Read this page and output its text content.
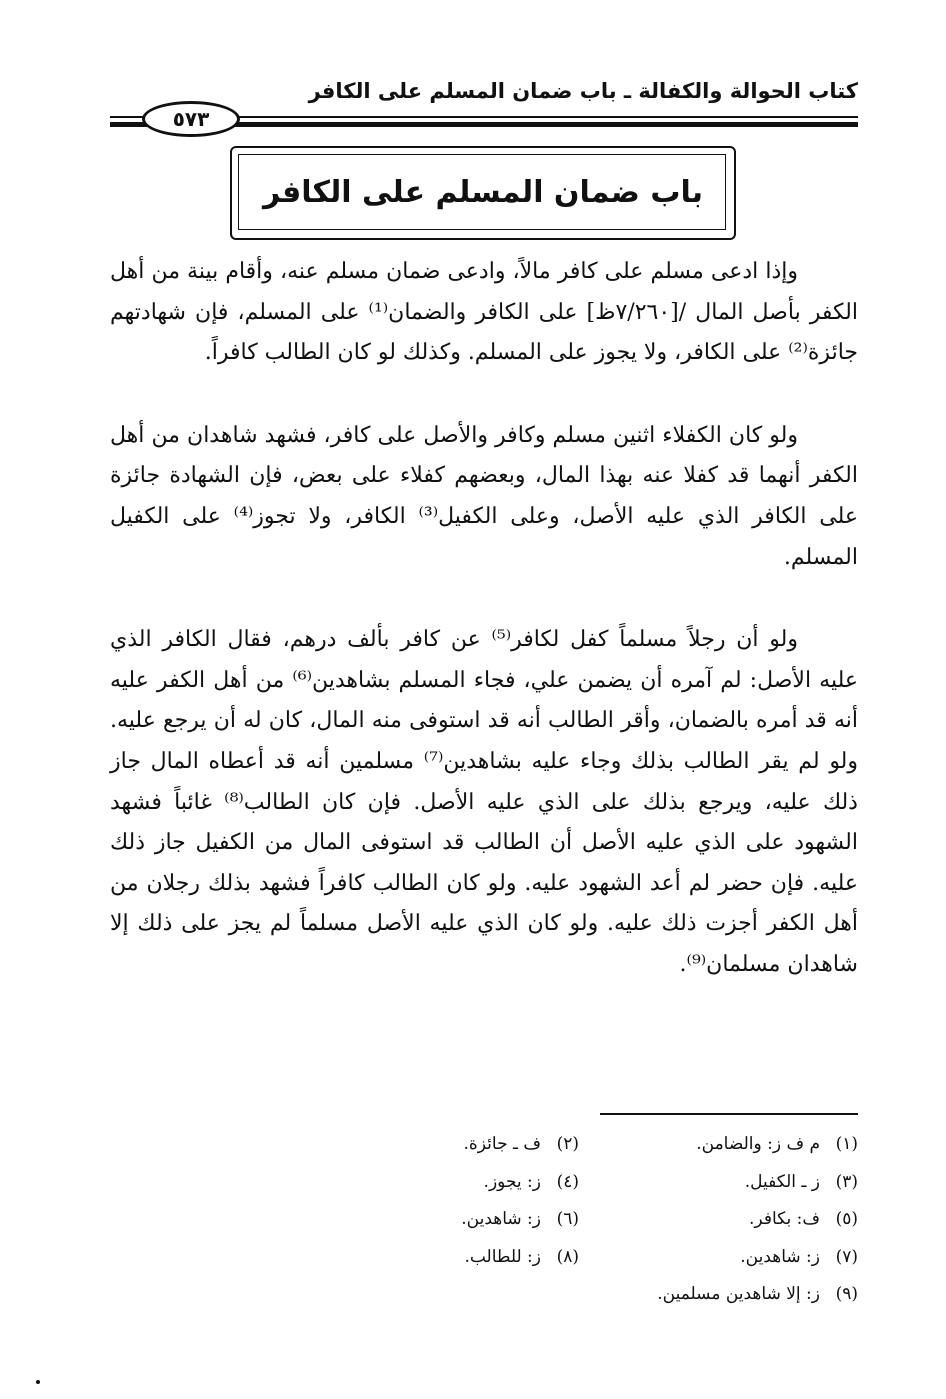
كتاب الحوالة والكفالة ـ باب ضمان المسلم على الكافر
٥٧٣
باب ضمان المسلم على الكافر

وإذا ادعى مسلم على كافر مالاً، وادعى ضمان مسلم عنه، وأقام بينة من أهل الكفر بأصل المال /[٧/٢٦٠ظ] على الكافر والضمان⁽¹⁾ على المسلم، فإن شهادتهم جائزة⁽²⁾ على الكافر، ولا يجوز على المسلم. وكذلك لو كان الطالب كافراً.

ولو كان الكفلاء اثنين مسلم وكافر والأصل على كافر، فشهد شاهدان من أهل الكفر أنهما قد كفلا عنه بهذا المال، وبعضهم كفلاء على بعض، فإن الشهادة جائزة على الكافر الذي عليه الأصل، وعلى الكفيل⁽³⁾ الكافر، ولا تجوز⁽⁴⁾ على الكفيل المسلم.

ولو أن رجلاً مسلماً كفل لكافر⁽⁵⁾ عن كافر بألف درهم، فقال الكافر الذي عليه الأصل: لم آمره أن يضمن علي، فجاء المسلم بشاهدين⁽⁶⁾ من أهل الكفر عليه أنه قد أمره بالضمان، وأقر الطالب أنه قد استوفى منه المال، كان له أن يرجع عليه. ولو لم يقر الطالب بذلك وجاء عليه بشاهدين⁽⁷⁾ مسلمين أنه قد أعطاه المال جاز ذلك عليه، ويرجع بذلك على الذي عليه الأصل. فإن كان الطالب⁽⁸⁾ غائباً فشهد الشهود على الذي عليه الأصل أن الطالب قد استوفى المال من الكفيل جاز ذلك عليه. فإن حضر لم أعد الشهود عليه. ولو كان الطالب كافراً فشهد بذلك رجلان من أهل الكفر أجزت ذلك عليه. ولو كان الذي عليه الأصل مسلماً لم يجز على ذلك إلا شاهدان مسلمان⁽⁹⁾.

(١)م ف ز: والضامن.
(٢)ف ـ جائزة.
(٣)ز ـ الكفيل.
(٤)ز: يجوز.
(٥)ف: بكافر.
(٦)ز: شاهدين.
(٧)ز: شاهدين.
(٨)ز: للطالب.
(٩)ز: إلا شاهدين مسلمين.
